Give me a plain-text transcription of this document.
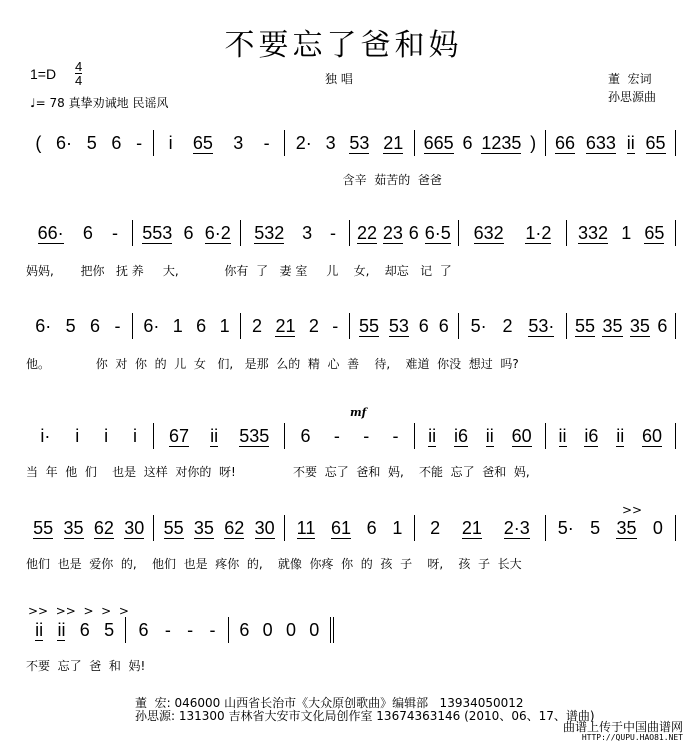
不要忘了爸和妈
$1=D \frac{4}{4}$
♩= 78 真挚劝诫地 民谣风
独 唱	董  宏词
孙思源曲
mf
>>
>>  >>  >  >  >
( 6· 5 6 - i 65 3 - 2· 3 53 21 665 6 1235 ) 66 633 ii 65
含辛  茹苦的  爸爸
66· 6 - 553 6 6·2 532 3 - 22 23 6 6·5 632 1·2 332 1 65
妈妈,       把你   抚 养     大,            你有  了   妻 室     儿    女,    却忘   记  了
6· 5 6 - 6· 1 6 1 2 21 2 - 55 53 6 6 5· 2 53· 55 35 35 6
他。            你  对  你  的  儿  女   们,   是那  么的  精  心  善    待,    难道  你没  想过  吗?
i· i i i 67 ii 535 6 - - - ii i6 ii 60 ii i6 ii 60
当  年  他  们    也是  这样  对你的  呀!               不要  忘了  爸和  妈,    不能  忘了  爸和  妈,
55 35 62 30 55 35 62 30 11 61 6 1 2 21 2·3 5· 5 35 0
他们  也是  爱你  的,    他们  也是  疼你  的,    就像  你疼  你  的  孩  子    呀,    孩  子  长大
ii ii 6 5 6 - - - 6 0 0 0
不要  忘了  爸  和  妈!
董  宏: 046000 山西省长治市《大众原创歌曲》编辑部   13934050012
孙思源: 131300 吉林省大安市文化局创作室 13674363146 (2010、06、17、谱曲)
曲谱上传于中国曲谱网
HTTP://QUPU.HAO81.NET
